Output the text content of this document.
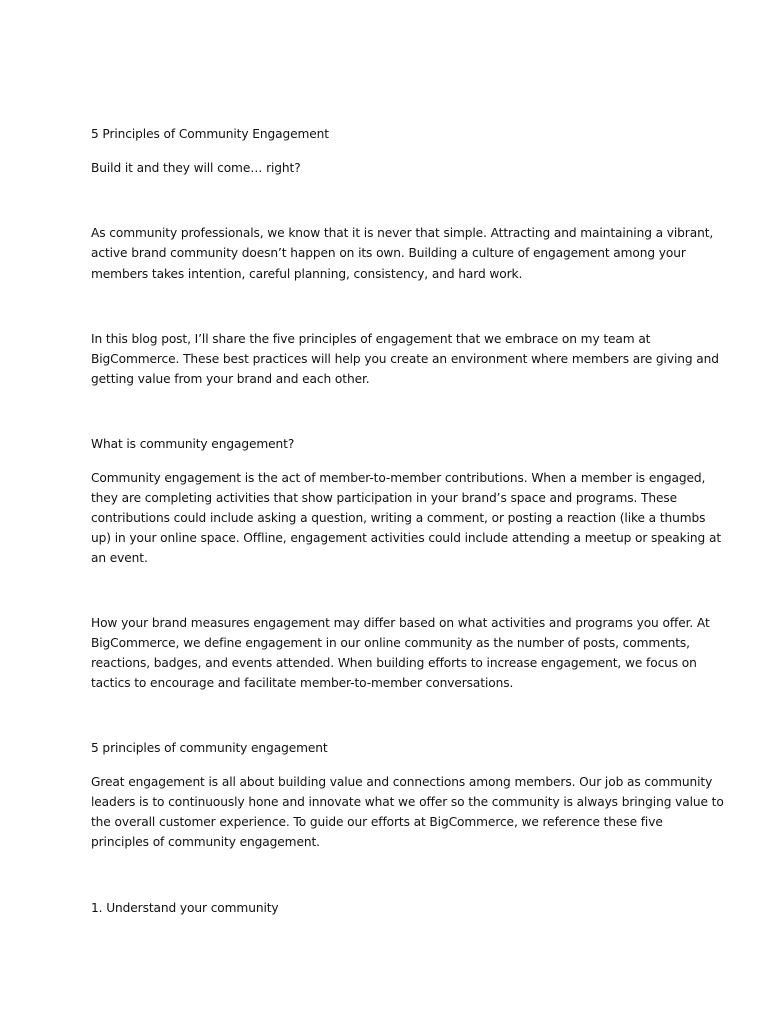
5 Principles of Community Engagement
Build it and they will come… right?
As community professionals, we know that it is never that simple. Attracting and maintaining a vibrant,
active brand community doesn’t happen on its own. Building a culture of engagement among your
members takes intention, careful planning, consistency, and hard work.
In this blog post, I’ll share the five principles of engagement that we embrace on my team at
BigCommerce. These best practices will help you create an environment where members are giving and
getting value from your brand and each other.
What is community engagement?
Community engagement is the act of member-to-member contributions. When a member is engaged,
they are completing activities that show participation in your brand’s space and programs. These
contributions could include asking a question, writing a comment, or posting a reaction (like a thumbs
up) in your online space. Offline, engagement activities could include attending a meetup or speaking at
an event.
How your brand measures engagement may differ based on what activities and programs you offer. At
BigCommerce, we define engagement in our online community as the number of posts, comments,
reactions, badges, and events attended. When building efforts to increase engagement, we focus on
tactics to encourage and facilitate member-to-member conversations.
5 principles of community engagement
Great engagement is all about building value and connections among members. Our job as community
leaders is to continuously hone and innovate what we offer so the community is always bringing value to
the overall customer experience. To guide our efforts at BigCommerce, we reference these five
principles of community engagement.
1. Understand your community
